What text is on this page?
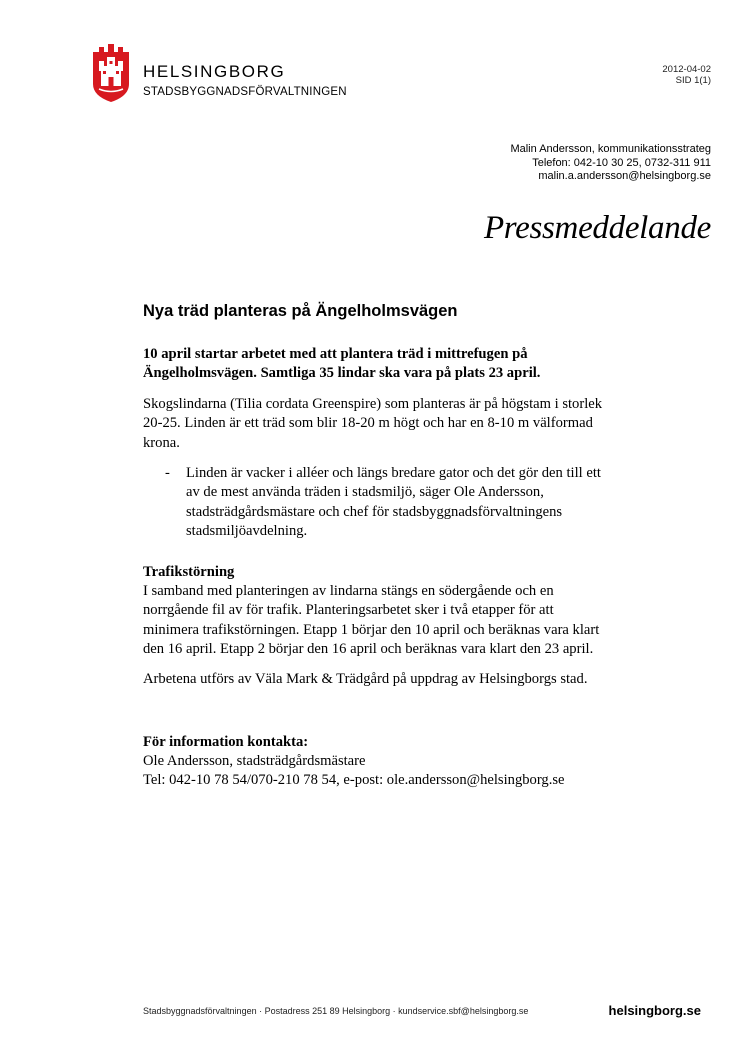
HELSINGBORG
STADSBYGGNADSFÖRVALTNINGEN
2012-04-02
SID 1(1)
Malin Andersson, kommunikationsstrateg
Telefon: 042-10 30 25, 0732-311 911
malin.a.andersson@helsingborg.se
Pressmeddelande
Nya träd planteras på Ängelholmsvägen

10 april startar arbetet med att plantera träd i mittrefugen på Ängelholmsvägen. Samtliga 35 lindar ska vara på plats 23 april.

Skogslindarna (Tilia cordata Greenspire) som planteras är på högstam i storlek 20-25. Linden är ett träd som blir 18-20 m högt och har en 8-10 m välformad krona.

- Linden är vacker i alléer och längs bredare gator och det gör den till ett av de mest använda träden i stadsmiljö, säger Ole Andersson, stadsträdgårdsmästare och chef för stadsbyggnadsförvaltningens stadsmiljöavdelning.
Trafikstörning

I samband med planteringen av lindarna stängs en södergående och en norrgående fil av för trafik. Planteringsarbetet sker i två etapper för att minimera trafikstörningen. Etapp 1 börjar den 10 april och beräknas vara klart den 16 april. Etapp 2 börjar den 16 april och beräknas vara klart den 23 april.

Arbetena utförs av Väla Mark & Trädgård på uppdrag av Helsingborgs stad.

För information kontakta:
Ole Andersson, stadsträdgårdsmästare
Tel: 042-10 78 54/070-210 78 54, e-post: ole.andersson@helsingborg.se
Stadsbyggnadsförvaltningen · Postadress 251 89 Helsingborg · kundservice.sbf@helsingborg.se	helsingborg.se
